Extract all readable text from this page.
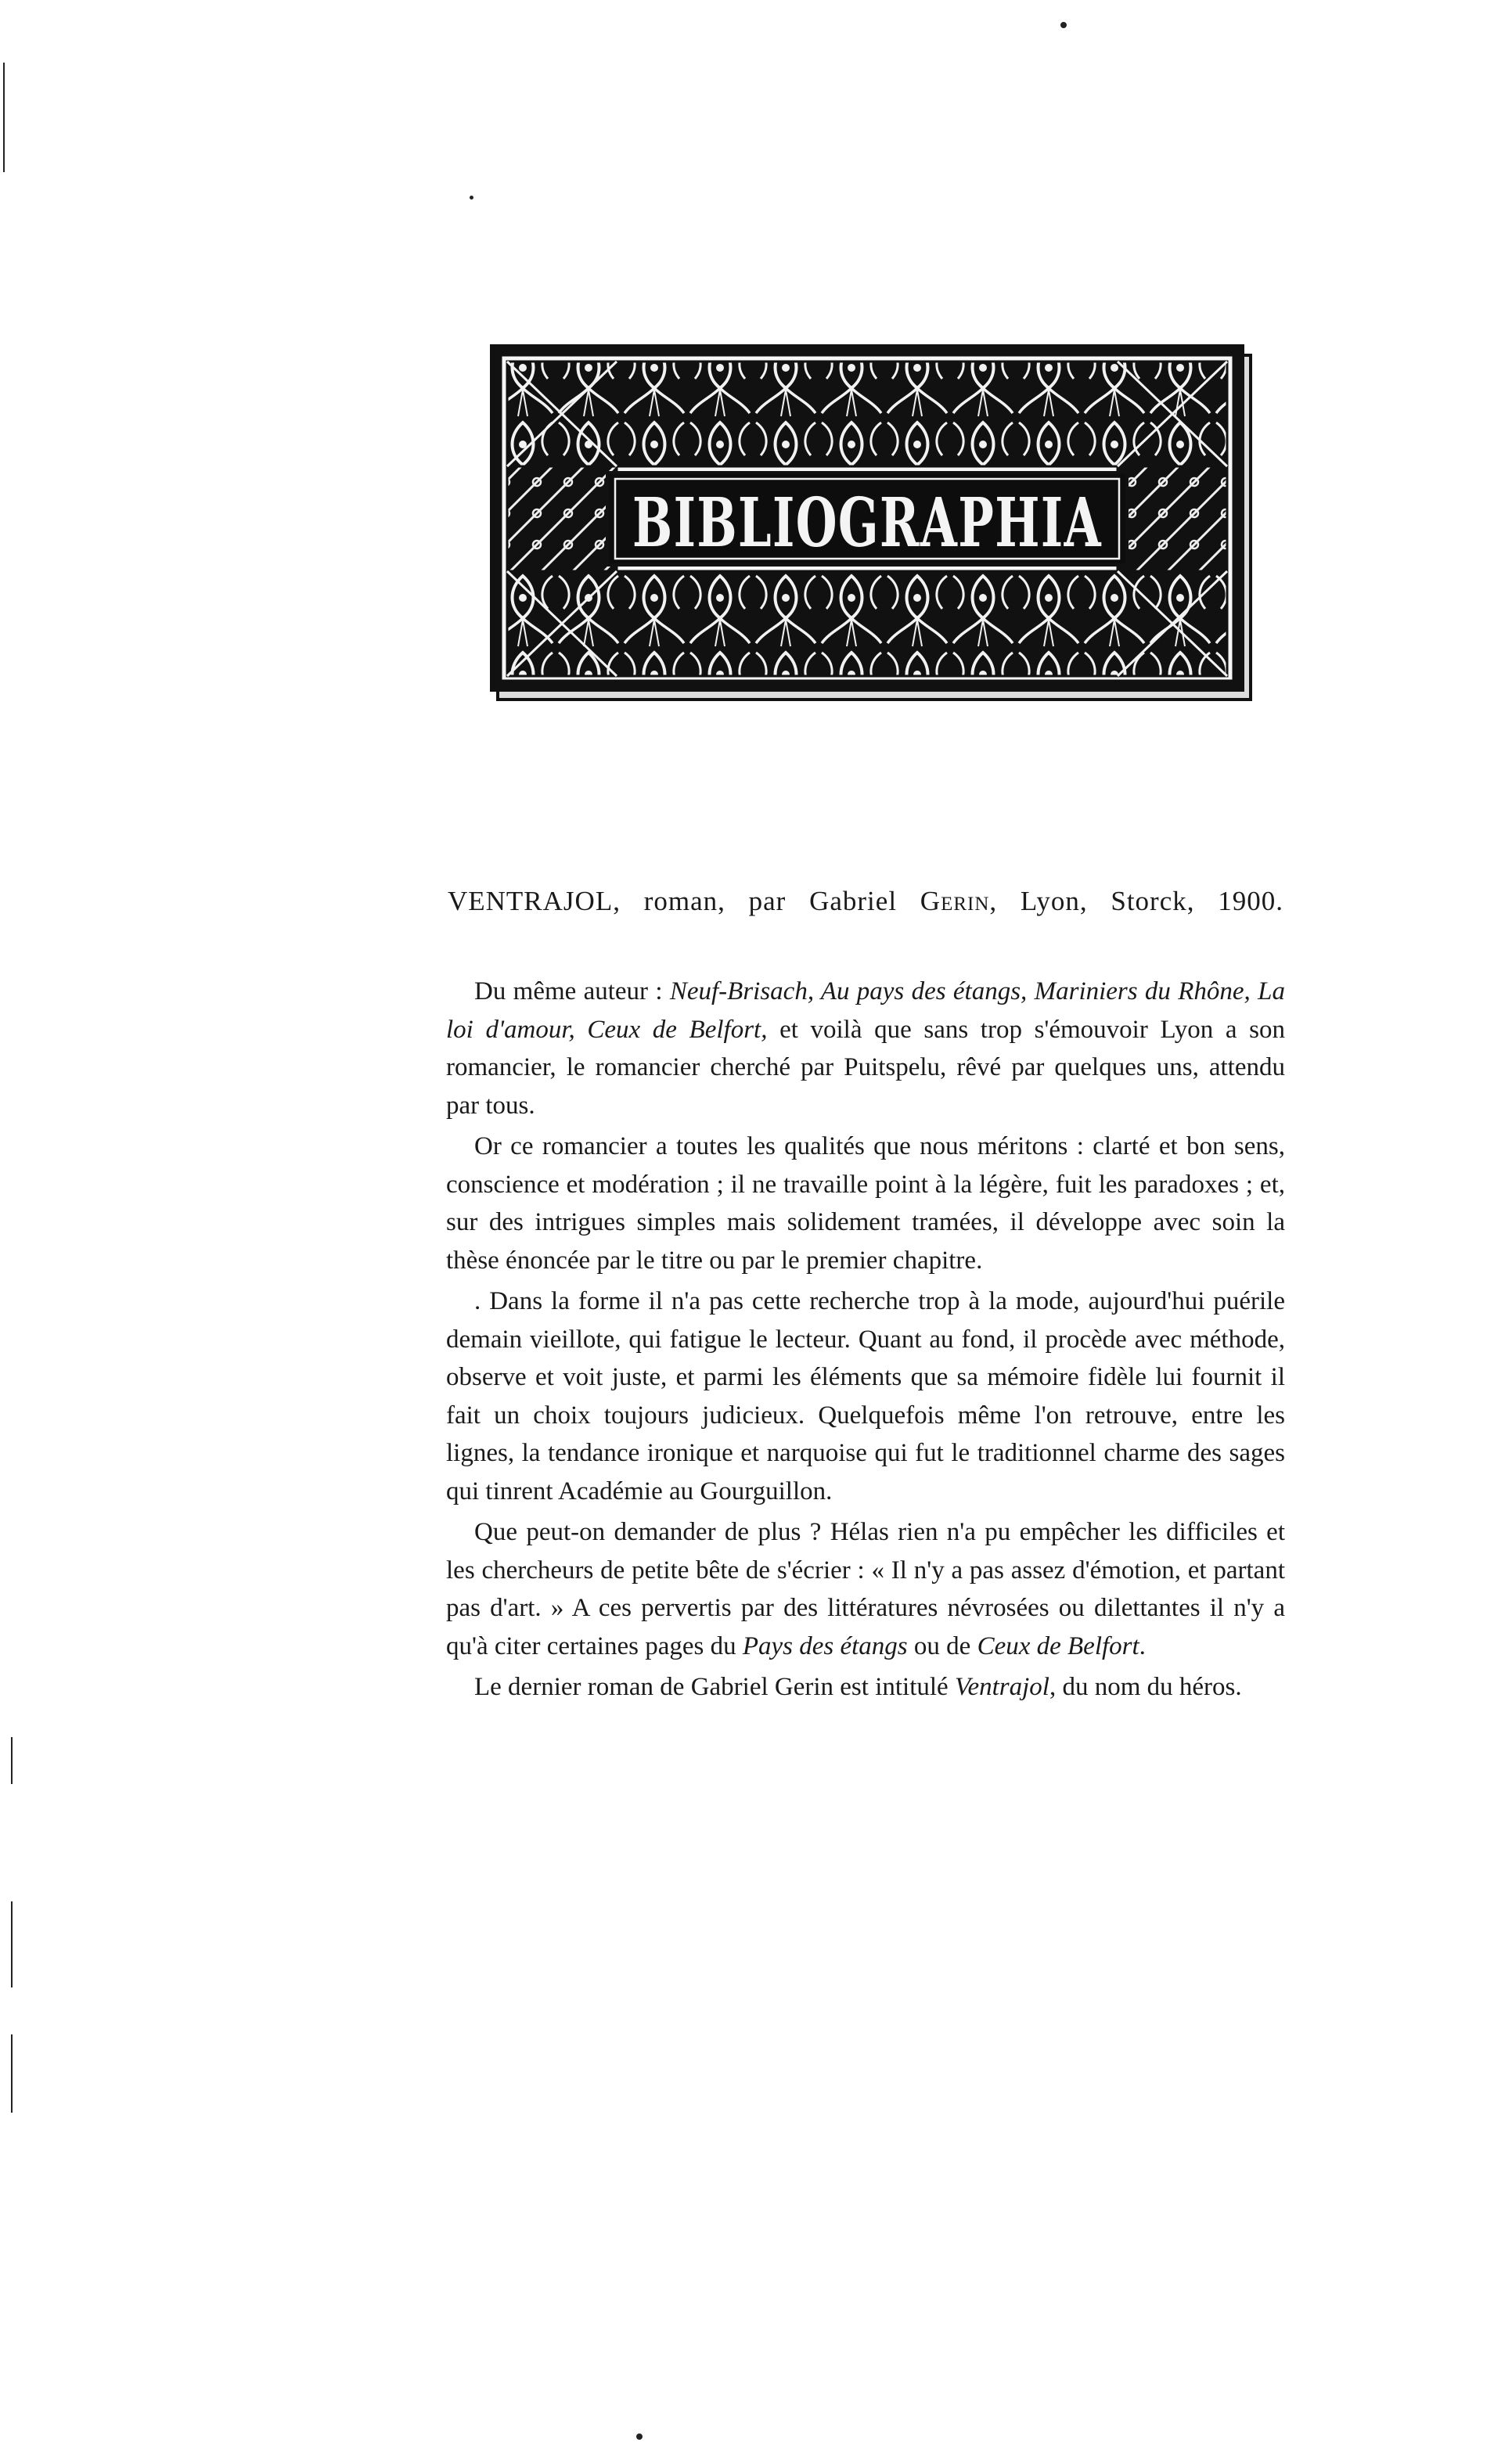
BIBLIOGRAPHIA
VENTRAJOL, roman, par Gabriel Gerin, Lyon, Storck, 1900.

Du même auteur : Neuf-Brisach, Au pays des étangs, Mariniers du Rhône, La loi d'amour, Ceux de Belfort, et voilà que sans trop s'émouvoir Lyon a son romancier, le romancier cherché par Puitspelu, rêvé par quelques uns, attendu par tous.

Or ce romancier a toutes les qualités que nous méritons : clarté et bon sens, conscience et modération ; il ne travaille point à la légère, fuit les paradoxes ; et, sur des intrigues simples mais solidement tramées, il développe avec soin la thèse énoncée par le titre ou par le premier chapitre.

. Dans la forme il n'a pas cette recherche trop à la mode, aujourd'hui puérile demain vieillote, qui fatigue le lecteur. Quant au fond, il procède avec méthode, observe et voit juste, et parmi les éléments que sa mémoire fidèle lui fournit il fait un choix toujours judicieux. Quelquefois même l'on retrouve, entre les lignes, la tendance ironique et narquoise qui fut le traditionnel charme des sages qui tinrent Académie au Gourguillon.

Que peut-on demander de plus ? Hélas rien n'a pu empêcher les difficiles et les chercheurs de petite bête de s'écrier : « Il n'y a pas assez d'émotion, et partant pas d'art. » A ces pervertis par des littératures névrosées ou dilettantes il n'y a qu'à citer certaines pages du Pays des étangs ou de Ceux de Belfort.

Le dernier roman de Gabriel Gerin est intitulé Ventrajol, du nom du héros.
